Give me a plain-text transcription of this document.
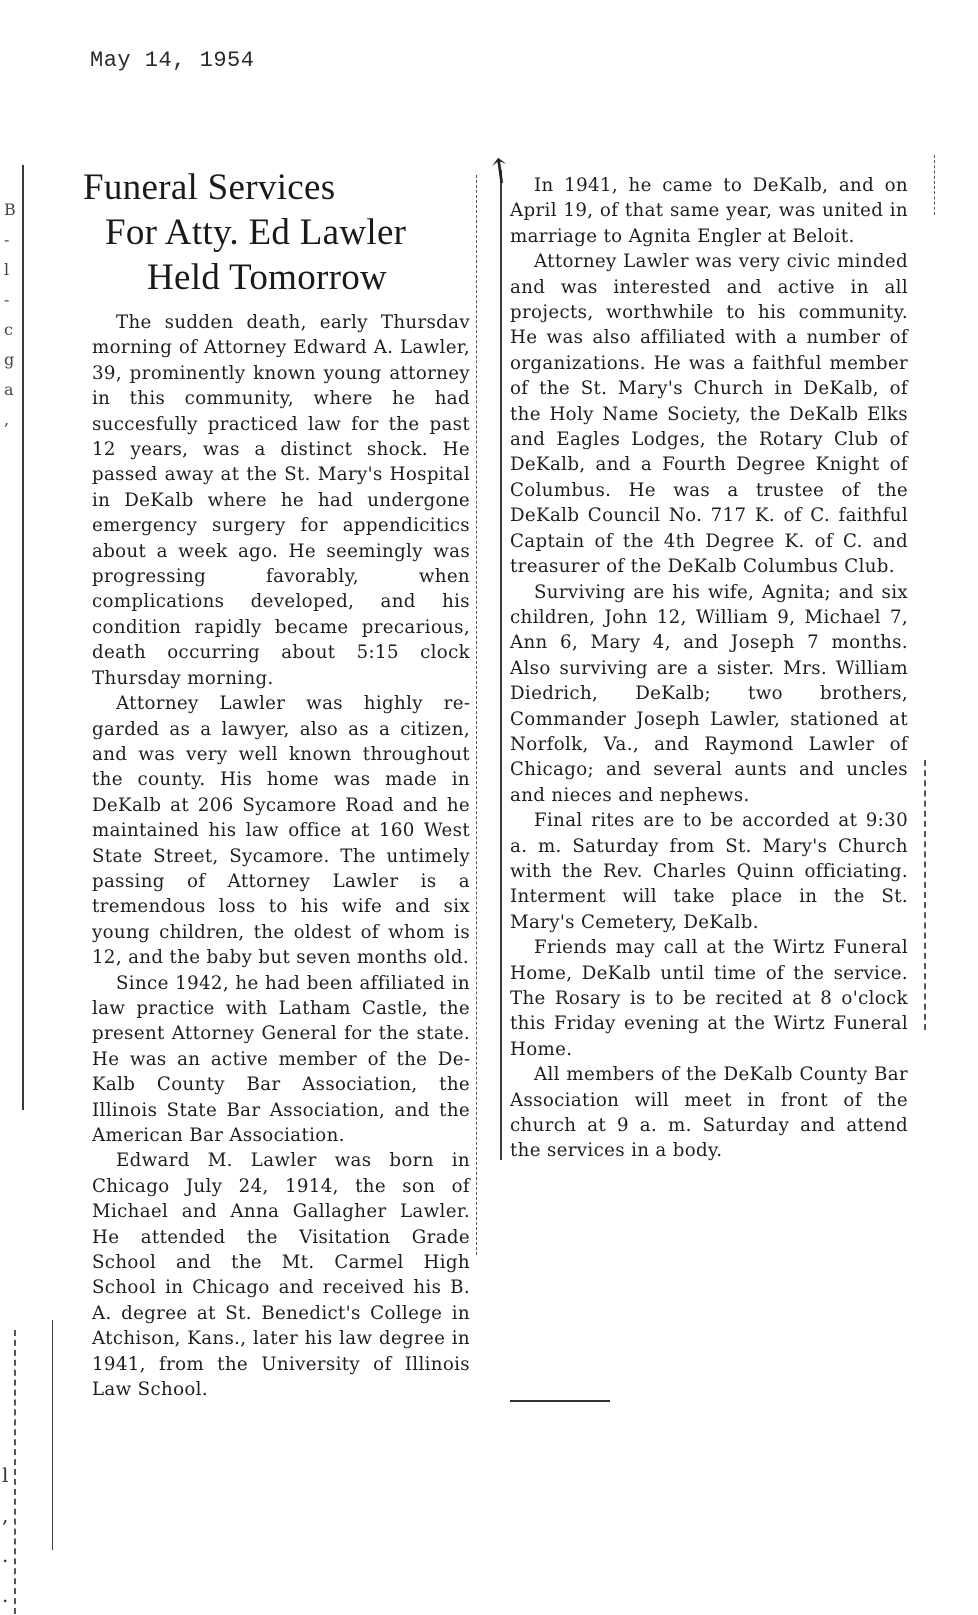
May 14, 1954
B
-
l
-
c
g
a
,
l
,
.
.
↑
Funeral Services
For Atty. Ed Lawler
Held Tomorrow

The sudden death, early Thursdav morning of Attorney Edward A. Lawler, 39, prominently known young attorney in this community, where he had succesfully practiced law for the past 12 years, was a distinct shock. He passed away at the St. Mary's Hospital in DeKalb where he had undergone emergency surgery for appendicitics about a week ago. He seemingly was progressing favorably, when complications developed, and his condition rapidly became precarious, death occurring about 5:15 clock Thursday morning.

Attorney Lawler was highly regarded as a lawyer, also as a citizen, and was very well known throughout the county. His home was made in DeKalb at 206 Sycamore Road and he maintained his law office at 160 West State Street, Sycamore. The untimely passing of Attorney Lawler is a tremendous loss to his wife and six young children, the oldest of whom is 12, and the baby but seven months old.

Since 1942, he had been affiliated in law practice with Latham Castle, the present Attorney General for the state. He was an active member of the DeKalb County Bar Association, the Illinois State Bar Association, and the American Bar Association.

Edward M. Lawler was born in Chicago July 24, 1914, the son of Michael and Anna Gallagher Lawler. He attended the Visitation Grade School and the Mt. Carmel High School in Chicago and received his B. A. degree at St. Benedict's College in Atchison, Kans., later his law degree in 1941, from the University of Illinois Law School.

In 1941, he came to DeKalb, and on April 19, of that same year, was united in marriage to Agnita Engler at Beloit.

Attorney Lawler was very civic minded and was interested and active in all projects, worthwhile to his community. He was also affiliated with a number of organizations. He was a faithful member of the St. Mary's Church in DeKalb, of the Holy Name Society, the DeKalb Elks and Eagles Lodges, the Rotary Club of DeKalb, and a Fourth Degree Knight of Columbus. He was a trustee of the DeKalb Council No. 717 K. of C. faithful Captain of the 4th Degree K. of C. and treasurer of the DeKalb Columbus Club.

Surviving are his wife, Agnita; and six children, John 12, William 9, Michael 7, Ann 6, Mary 4, and Joseph 7 months. Also surviving are a sister. Mrs. William Diedrich, DeKalb; two brothers, Commander Joseph Lawler, stationed at Norfolk, Va., and Raymond Lawler of Chicago; and several aunts and uncles and nieces and nephews.

Final rites are to be accorded at 9:30 a. m. Saturday from St. Mary's Church with the Rev. Charles Quinn officiating. Interment will take place in the St. Mary's Cemetery, DeKalb.

Friends may call at the Wirtz Funeral Home, DeKalb until time of the service. The Rosary is to be recited at 8 o'clock this Friday evening at the Wirtz Funeral Home.

All members of the DeKalb County Bar Association will meet in front of the church at 9 a. m. Saturday and attend the services in a body.
